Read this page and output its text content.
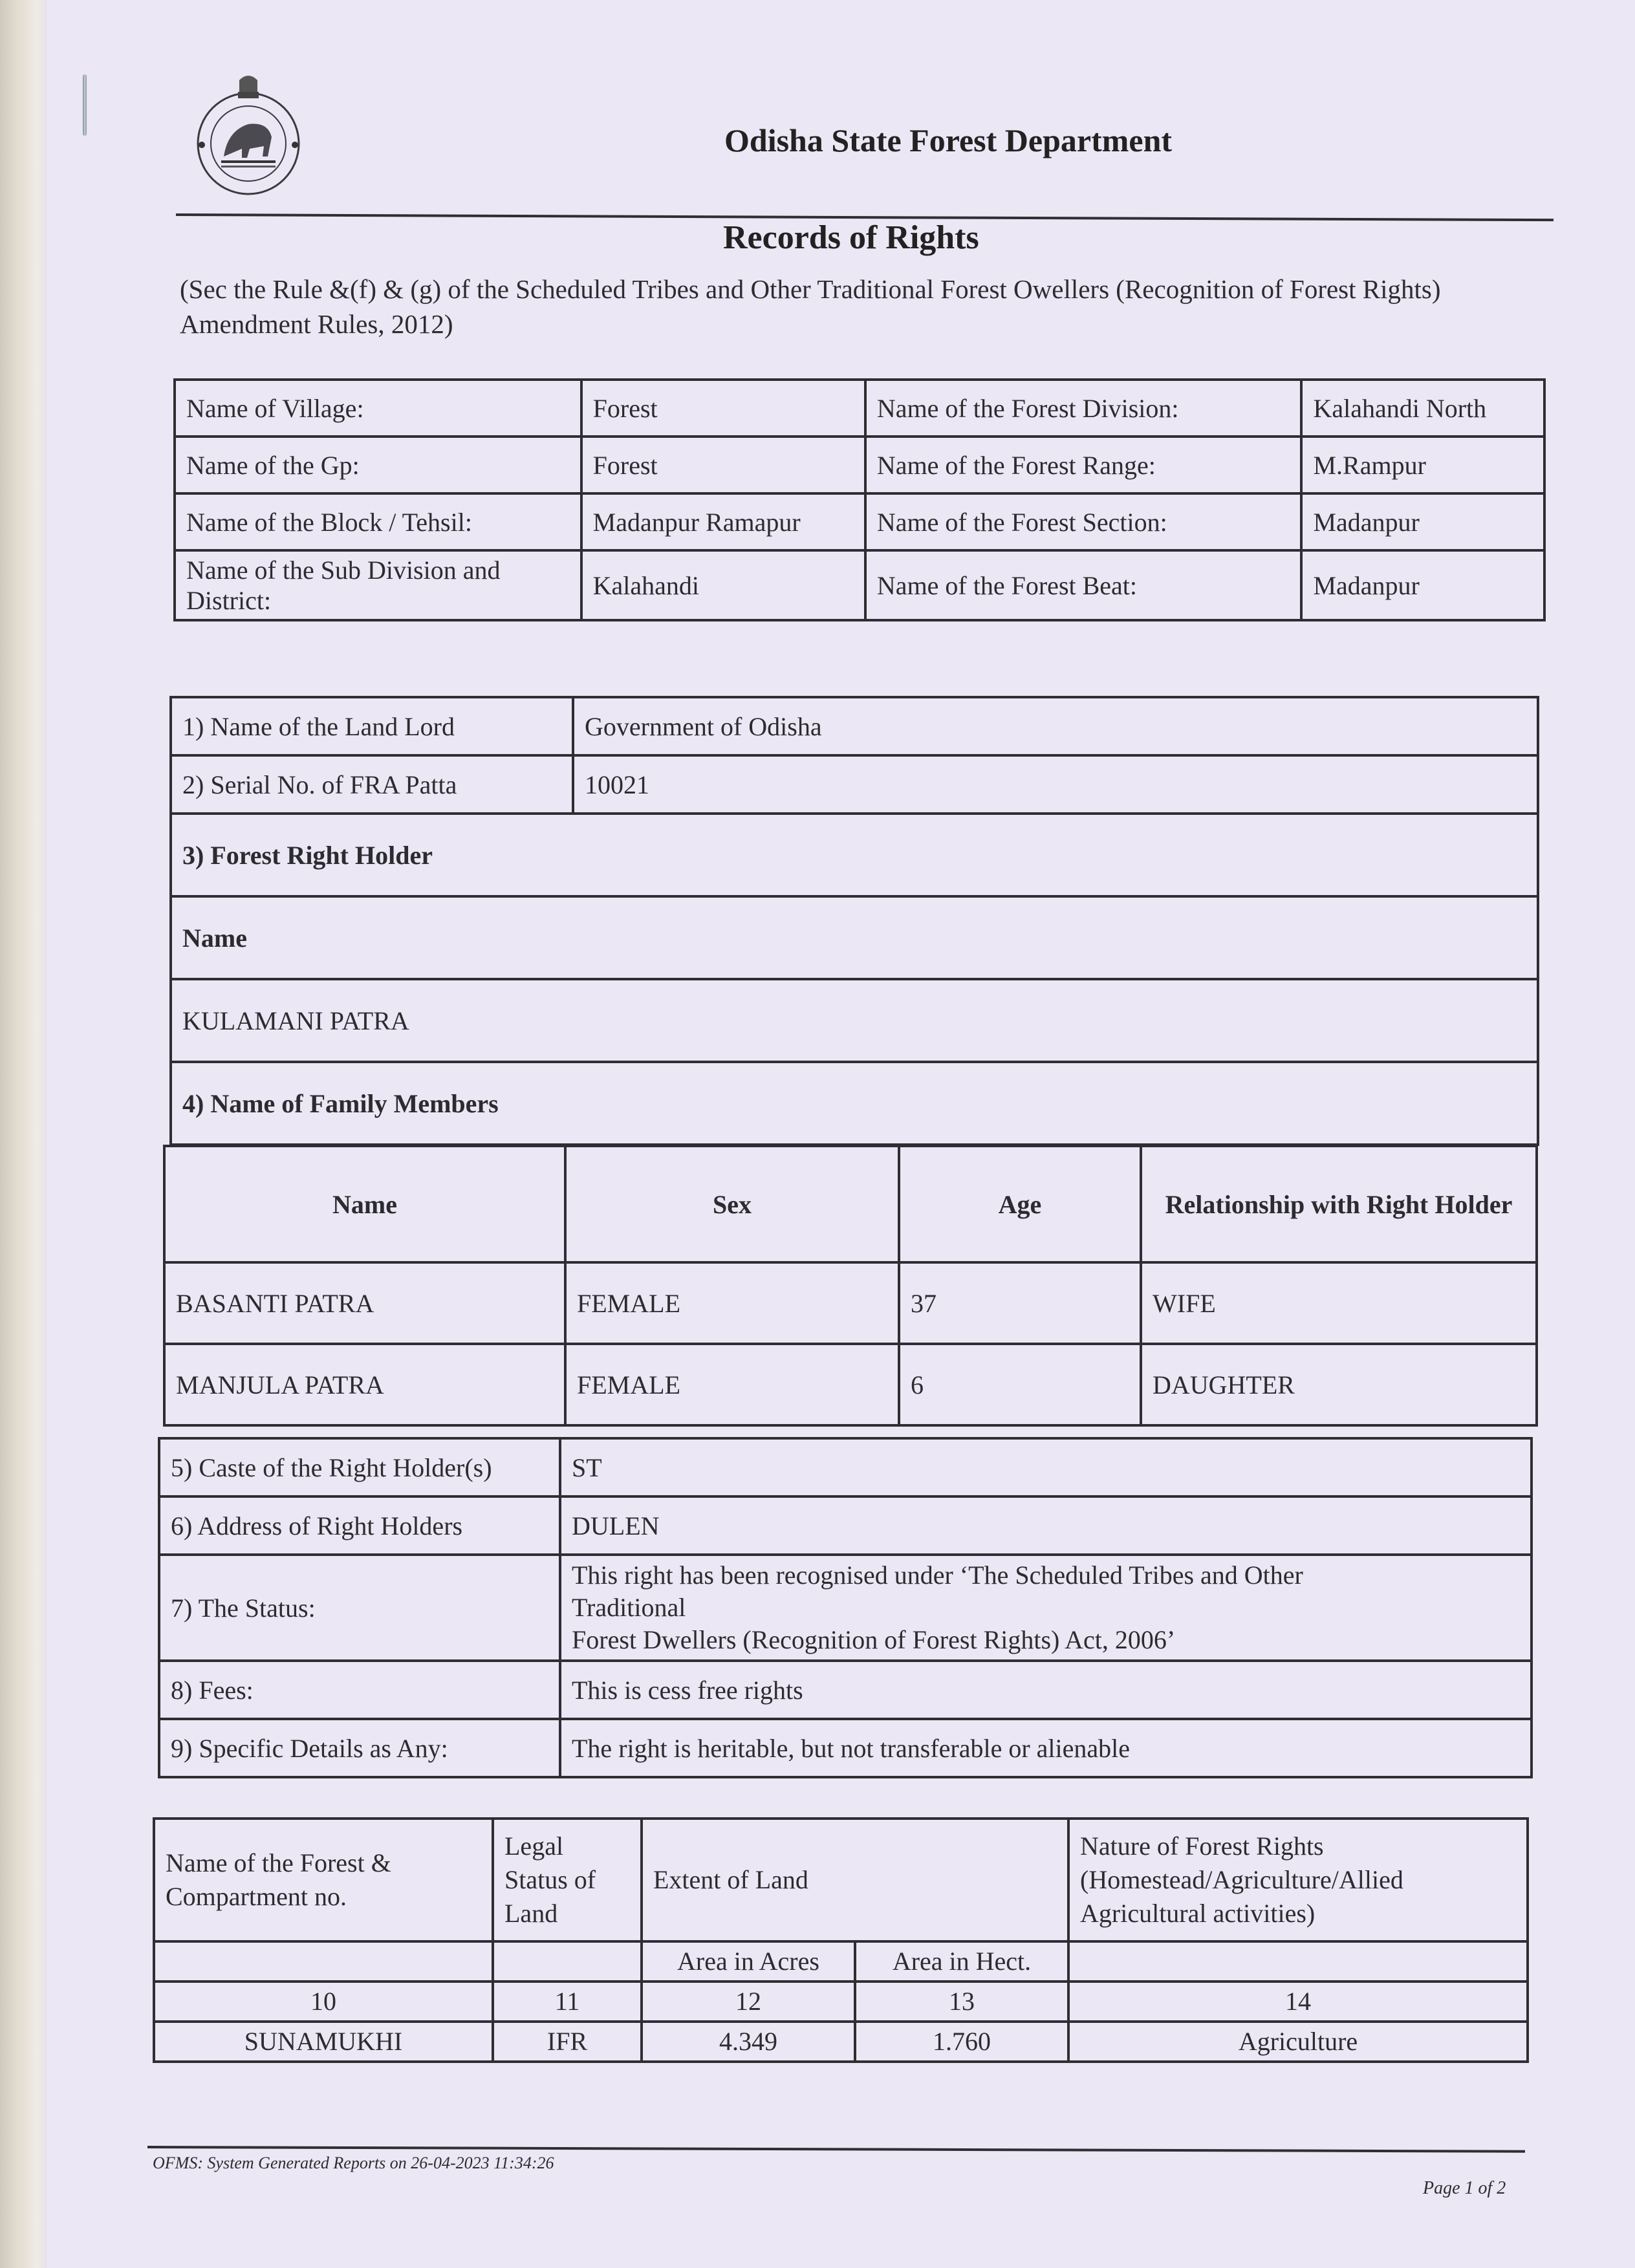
Odisha State Forest Department
Records of Rights
(Sec the Rule &(f) & (g) of the Scheduled Tribes and Other Traditional Forest Owellers (Recognition of Forest Rights) Amendment Rules, 2012)
Name of Village:	Forest	Name of the Forest Division:	Kalahandi North
Name of the Gp:	Forest	Name of the Forest Range:	M.Rampur
Name of the Block / Tehsil:	Madanpur Ramapur	Name of the Forest Section:	Madanpur
Name of the Sub Division and District:	Kalahandi	Name of the Forest Beat:	Madanpur
1) Name of the Land Lord	Government of Odisha
2) Serial No. of FRA Patta	10021
3) Forest Right Holder	
Name	
KULAMANI PATRA	
4) Name of Family Members	
Name	Sex	Age	Relationship with Right Holder
BASANTI PATRA	FEMALE	37	WIFE
MANJULA PATRA	FEMALE	6	DAUGHTER
5) Caste of the Right Holder(s)	ST
6) Address of Right Holders	DULEN
7) The Status:	This right has been recognised under ‘The Scheduled Tribes and Other
Traditional
Forest Dwellers (Recognition of Forest Rights) Act, 2006’

8) Fees:	This is cess free rights
9) Specific Details as Any:	The right is heritable, but not transferable or alienable
Name of the Forest & Compartment no.	Legal Status of Land	Extent of Land		Nature of Forest Rights (Homestead/Agriculture/Allied Agricultural activities)
		Area in Acres	Area in Hect.	
10	11	12	13	14
SUNAMUKHI	IFR	4.349	1.760	Agriculture
OFMS: System Generated Reports on 26-04-2023 11:34:26
Page 1 of 2
